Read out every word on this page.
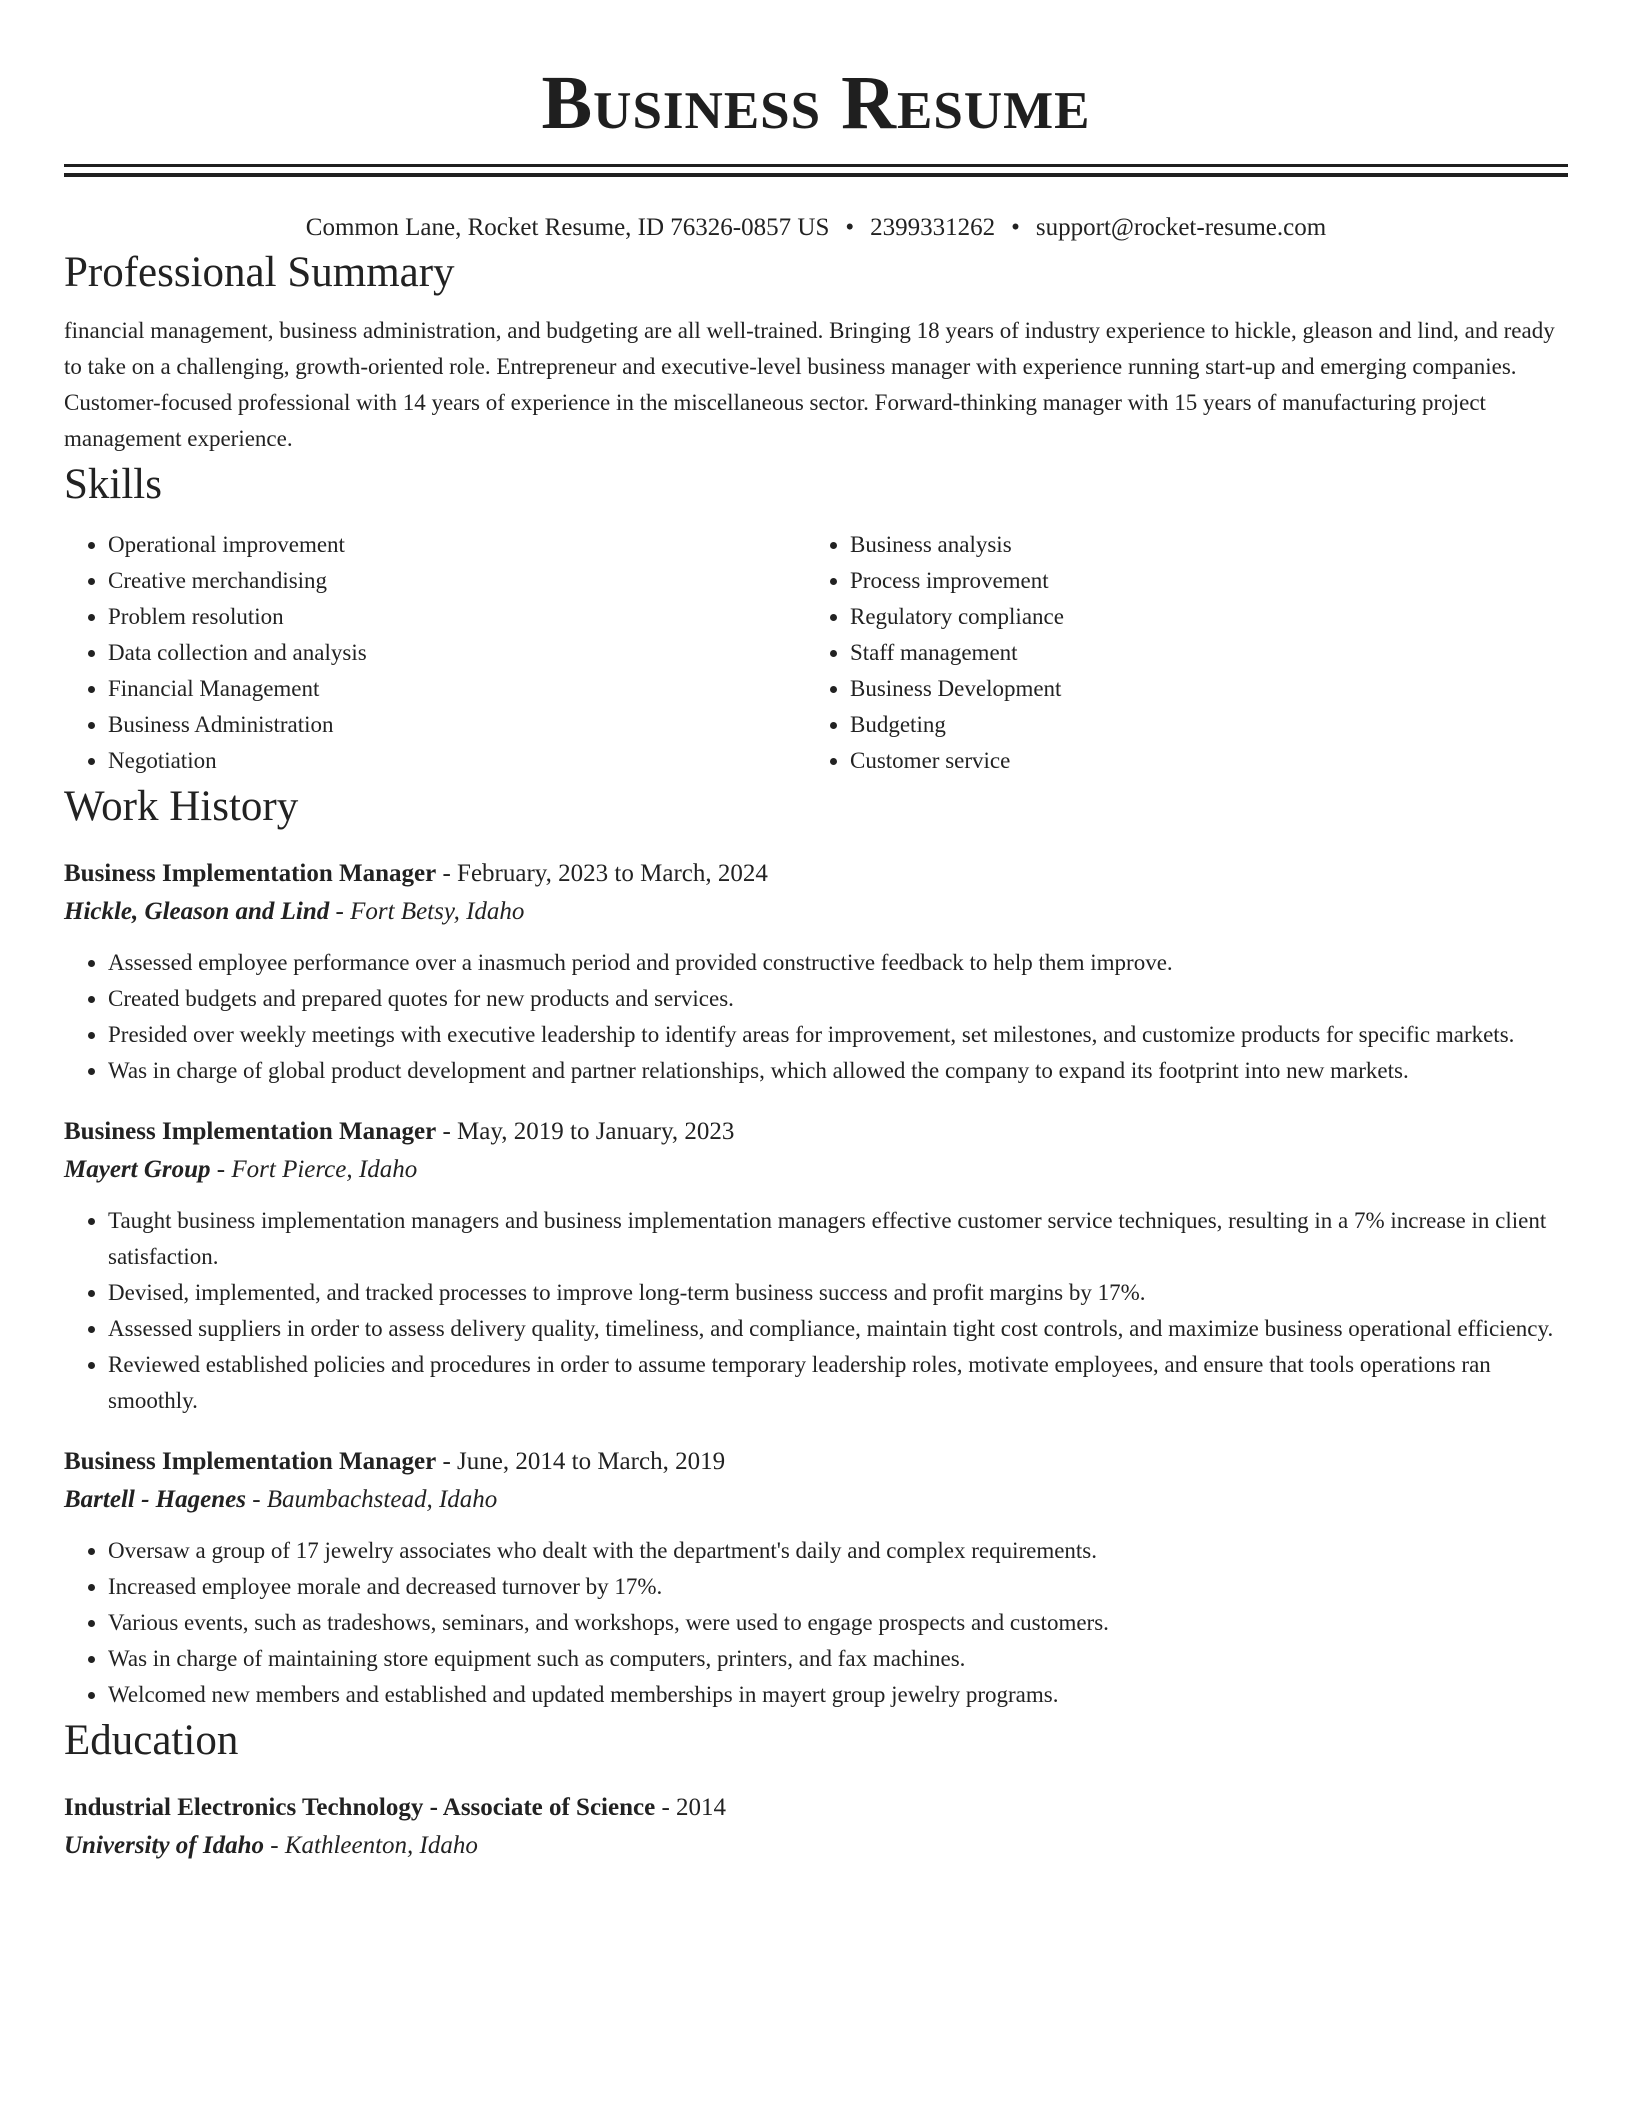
Business Resume
Common Lane, Rocket Resume, ID 76326-0857 US • 2399331262 • support@rocket-resume.com
Professional Summary

financial management, business administration, and budgeting are all well-trained. Bringing 18 years of industry experience to hickle, gleason and lind, and ready to take on a challenging, growth-oriented role. Entrepreneur and executive-level business manager with experience running start-up and emerging companies. Customer-focused professional with 14 years of experience in the miscellaneous sector. Forward-thinking manager with 15 years of manufacturing project management experience.

Skills
• Operational improvement
• Creative merchandising
• Problem resolution
• Data collection and analysis
• Financial Management
• Business Administration
• Negotiation
• Business analysis
• Process improvement
• Regulatory compliance
• Staff management
• Business Development
• Budgeting
• Customer service
Work History
Business Implementation Manager - February, 2023 to March, 2024
Hickle, Gleason and Lind - Fort Betsy, Idaho
• Assessed employee performance over a inasmuch period and provided constructive feedback to help them improve.
• Created budgets and prepared quotes for new products and services.
• Presided over weekly meetings with executive leadership to identify areas for improvement, set milestones, and customize products for specific markets.
• Was in charge of global product development and partner relationships, which allowed the company to expand its footprint into new markets.
Business Implementation Manager - May, 2019 to January, 2023
Mayert Group - Fort Pierce, Idaho
• Taught business implementation managers and business implementation managers effective customer service techniques, resulting in a 7% increase in client satisfaction.
• Devised, implemented, and tracked processes to improve long-term business success and profit margins by 17%.
• Assessed suppliers in order to assess delivery quality, timeliness, and compliance, maintain tight cost controls, and maximize business operational efficiency.
• Reviewed established policies and procedures in order to assume temporary leadership roles, motivate employees, and ensure that tools operations ran smoothly.
Business Implementation Manager - June, 2014 to March, 2019
Bartell - Hagenes - Baumbachstead, Idaho
• Oversaw a group of 17 jewelry associates who dealt with the department's daily and complex requirements.
• Increased employee morale and decreased turnover by 17%.
• Various events, such as tradeshows, seminars, and workshops, were used to engage prospects and customers.
• Was in charge of maintaining store equipment such as computers, printers, and fax machines.
• Welcomed new members and established and updated memberships in mayert group jewelry programs.
Education
Industrial Electronics Technology - Associate of Science - 2014
University of Idaho - Kathleenton, Idaho
